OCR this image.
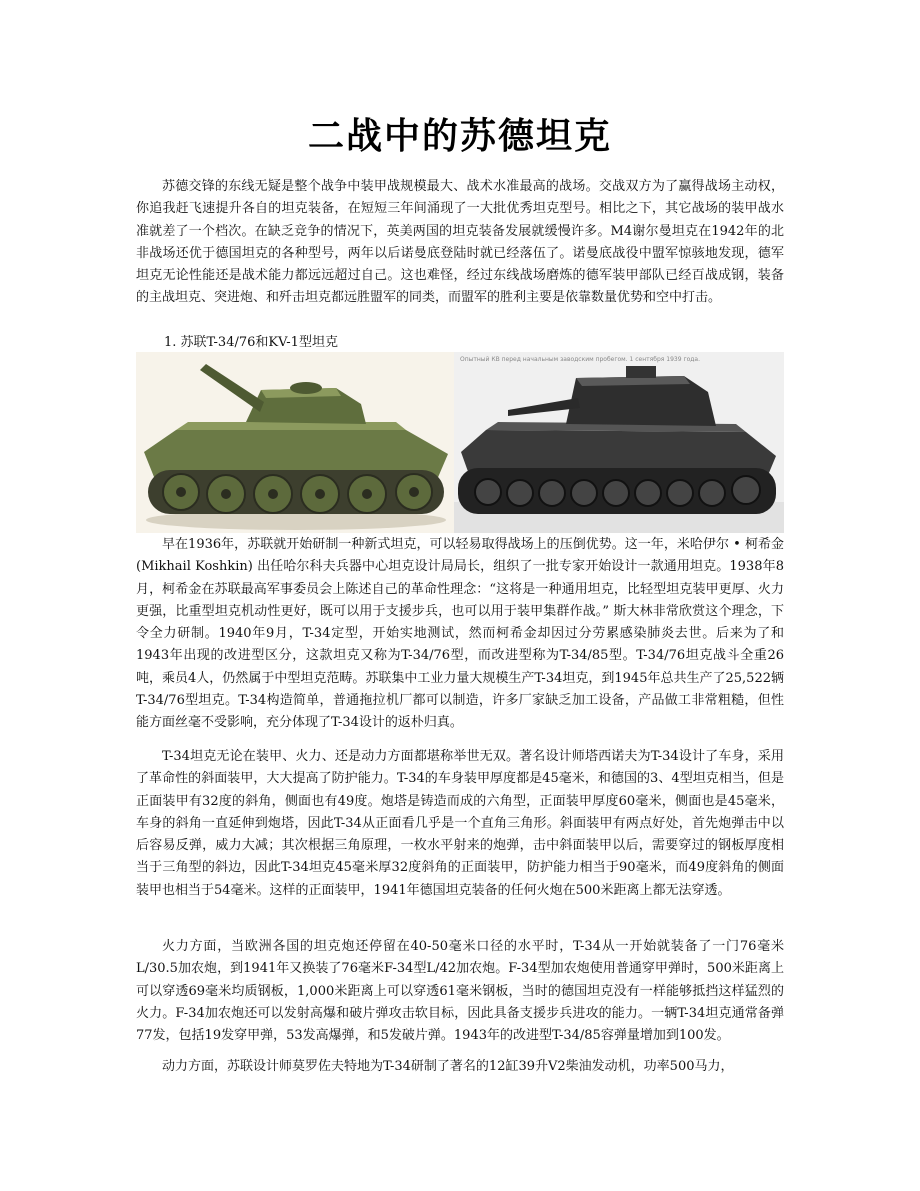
二战中的苏德坦克

苏德交锋的东线无疑是整个战争中装甲战规模最大、战术水准最高的战场。交战双方为了赢得战场主动权，你追我赶飞速提升各自的坦克装备，在短短三年间涌现了一大批优秀坦克型号。相比之下，其它战场的装甲战水准就差了一个档次。在缺乏竞争的情况下，英美两国的坦克装备发展就缓慢许多。M4谢尔曼坦克在1942年的北非战场还优于德国坦克的各种型号，两年以后诺曼底登陆时就已经落伍了。诺曼底战役中盟军惊骇地发现，德军坦克无论性能还是战术能力都远远超过自己。这也难怪，经过东线战场磨炼的德军装甲部队已经百战成钢，装备的主战坦克、突进炮、和歼击坦克都远胜盟军的同类，而盟军的胜利主要是依靠数量优势和空中打击。

1. 苏联T-34/76和KV-1型坦克
Опытный КВ перед начальным заводским пробегом. 1 сентября 1939 года.

早在1936年，苏联就开始研制一种新式坦克，可以轻易取得战场上的压倒优势。这一年，米哈伊尔 • 柯希金(Mikhail Koshkin) 出任哈尔科夫兵器中心坦克设计局局长，组织了一批专家开始设计一款通用坦克。1938年8月，柯希金在苏联最高军事委员会上陈述自己的革命性理念：“这将是一种通用坦克，比轻型坦克装甲更厚、火力更强，比重型坦克机动性更好，既可以用于支援步兵，也可以用于装甲集群作战。” 斯大林非常欣赏这个理念，下令全力研制。1940年9月，T-34定型，开始实地测试，然而柯希金却因过分劳累感染肺炎去世。后来为了和1943年出现的改进型区分，这款坦克又称为T-34/76型，而改进型称为T-34/85型。T-34/76坦克战斗全重26吨，乘员4人，仍然属于中型坦克范畴。苏联集中工业力量大规模生产T-34坦克，到1945年总共生产了25,522辆T-34/76型坦克。T-34构造简单，普通拖拉机厂都可以制造，许多厂家缺乏加工设备，产品做工非常粗糙，但性能方面丝毫不受影响，充分体现了T-34设计的返朴归真。

T-34坦克无论在装甲、火力、还是动力方面都堪称举世无双。著名设计师塔西诺夫为T-34设计了车身，采用了革命性的斜面装甲，大大提高了防护能力。T-34的车身装甲厚度都是45毫米，和德国的3、4型坦克相当，但是正面装甲有32度的斜角，侧面也有49度。炮塔是铸造而成的六角型，正面装甲厚度60毫米，侧面也是45毫米，车身的斜角一直延伸到炮塔，因此T-34从正面看几乎是一个直角三角形。斜面装甲有两点好处，首先炮弹击中以后容易反弹，威力大减；其次根据三角原理，一枚水平射来的炮弹，击中斜面装甲以后，需要穿过的钢板厚度相当于三角型的斜边，因此T-34坦克45毫米厚32度斜角的正面装甲，防护能力相当于90毫米，而49度斜角的侧面装甲也相当于54毫米。这样的正面装甲，1941年德国坦克装备的任何火炮在500米距离上都无法穿透。

火力方面，当欧洲各国的坦克炮还停留在40-50毫米口径的水平时，T-34从一开始就装备了一门76毫米L/30.5加农炮，到1941年又换装了76毫米F-34型L/42加农炮。F-34型加农炮使用普通穿甲弹时，500米距离上可以穿透69毫米均质钢板，1,000米距离上可以穿透61毫米钢板，当时的德国坦克没有一样能够抵挡这样猛烈的火力。F-34加农炮还可以发射高爆和破片弹攻击软目标，因此具备支援步兵进攻的能力。一辆T-34坦克通常备弹77发，包括19发穿甲弹，53发高爆弹，和5发破片弹。1943年的改进型T-34/85容弹量增加到100发。

动力方面，苏联设计师莫罗佐夫特地为T-34研制了著名的12缸39升V2柴油发动机，功率500马力，
